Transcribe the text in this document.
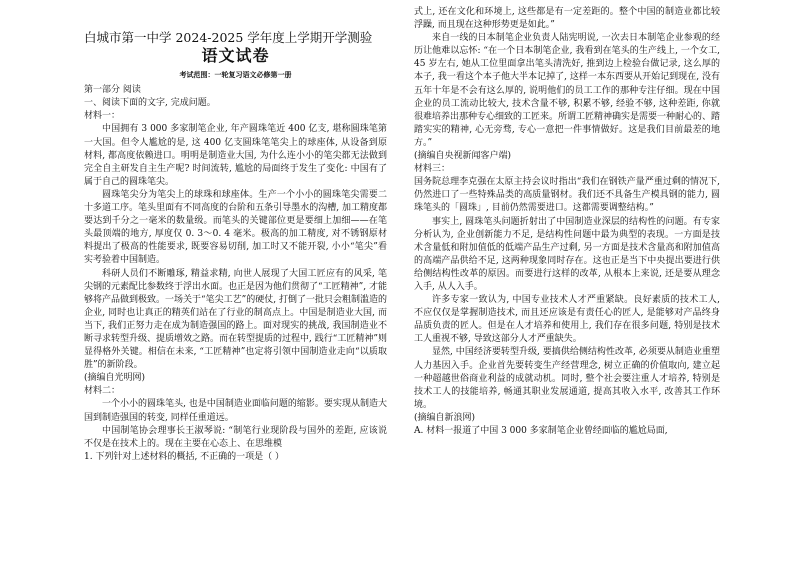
白城市第一中学 2024-2025 学年度上学期开学测验

语文试卷

考试范围：一轮复习语文必修第一册

第一部分 阅读

一、阅读下面的文字, 完成问题。

材料一：

中国拥有 3 000 多家制笔企业, 年产圆珠笔近 400 亿支, 堪称圆珠笔第一大国。但令人尴尬的是, 这 400 亿支圆珠笔笔尖上的球座体, 从设备到原材料, 都高度依赖进口。明明是制造业大国, 为什么连小小的笔尖都无法做到完全自主研发自主生产呢? 时间流转, 尴尬的局面终于发生了变化: 中国有了属于自己的圆珠笔尖。

圆珠笔尖分为笔尖上的球珠和球座体。生产一个小小的圆珠笔尖需要二十多道工序。笔头里面有不同高度的台阶和五条引导墨水的沟槽, 加工精度都要达到千分之一毫米的数量级。而笔头的关键部位更是要细上加细——在笔头最顶端的地方, 厚度仅 0. 3～0. 4 毫米。极高的加工精度, 对不锈钢原材料提出了极高的性能要求, 既要容易切削, 加工时又不能开裂, 小小“笔尖”看实考验着中国制造。

科研人员们不断雕琢, 精益求精, 向世人展现了大国工匠应有的风采, 笔尖钢的元素配比参数终于浮出水面。也正是因为他们贯彻了“工匠精神”, 才能够将产品做到极致。一场关于“笔尖工艺”的硬仗, 打倒了一批只会粗制滥造的企业, 同时也让真正的精英们站在了行业的制高点上。中国是制造业大国, 而当下, 我们正努力走在成为制造强国的路上。面对现实的挑战, 我国制造业不断寻求转型升级、提质增效之路。而在转型提质的过程中, 践行“工匠精神”则显得格外关键。相信在未来, “工匠精神”也定将引领中国制造业走向“以质取胜”的新阶段。

(摘编自光明网)

材料二：

一个小小的圆珠笔头, 也是中国制造业面临问题的缩影。要实现从制造大国到制造强国的转变, 同样任重道远。

中国制笔协会理事长王淑琴说: “制笔行业现阶段与国外的差距, 应该说不仅是在技术上的。现在主要在心态上、在思维模

1. 下列针对上述材料的概括, 不正确的一项是（ ）

式上, 还在文化和环境上, 这些都是有一定差距的。整个中国的制造业都比较浮躁, 而且现在这种形势更是如此。”

来自一线的日本制笔企业负责人陆宪明说, 一次去日本制笔企业参观的经历让他难以忘怀: “在一个日本制笔企业, 我看到在笔头的生产线上, 一个女工, 45 岁左右, 她从工位里面拿出笔头清洗好, 推到边上检验台做记录, 这么厚的本子, 我一看这个本子他大半本记掉了, 这样一本东西要从开始记到现在, 没有五年十年是不会有这么厚的, 说明他们的员工工作的那种专注仔细。现在中国企业的员工流动比较大, 技术含量不够, 积累不够, 经验不够, 这种差距, 你就很难培养出那种专心细致的工匠来。所谓工匠精神确实是需要一种耐心的、踏踏实实的精神, 心无旁骛, 专心一意把一件事情做好。这是我们目前最差的地方。”

(摘编自央视新闻客户端)

材料三：

国务院总理李克强在太原主持会议时指出“我们在钢铁产量严重过剩的情况下, 仍然进口了一些特殊品类的高质量钢材。我们还不具备生产模具钢的能力, 圆珠笔头的「圆珠」, 目前仍然需要进口。这都需要调整结构。”

事实上, 圆珠笔头问题折射出了中国制造业深层的结构性的问题。有专家分析认为, 企业创新能力不足, 是结构性问题中最为典型的表现。一方面是技术含量低和附加值低的低端产品生产过剩, 另一方面是技术含量高和附加值高的高端产品供给不足, 这两种现象同时存在。这也正是当下中央提出要进行供给侧结构性改革的原因。而要进行这样的改革, 从根本上来说, 还是要从理念入手, 从人入手。

许多专家一致认为, 中国专业技术人才严重紧缺。良好素质的技术工人, 不应仅仅是掌握制造技术, 而且还应该是有责任心的匠人, 是能够对产品终身品质负责的匠人。但是在人才培养和使用上, 我们存在很多问题, 特别是技术工人重视不够, 导致这部分人才严重缺失。

显然, 中国经济要转型升级, 要搞供给侧结构性改革, 必须要从制造业重塑人力基因入手。企业首先要转变生产经营理念, 树立正确的价值取向, 建立起一种超越世俗商业利益的成就动机。同时, 整个社会要注重人才培养, 特别是技术工人的技能培养, 畅通其职业发展通道, 提高其收入水平, 改善其工作环境。

(摘编自新浪网)

A. 材料一报道了中国 3 000 多家制笔企业曾经面临的尴尬局面,
